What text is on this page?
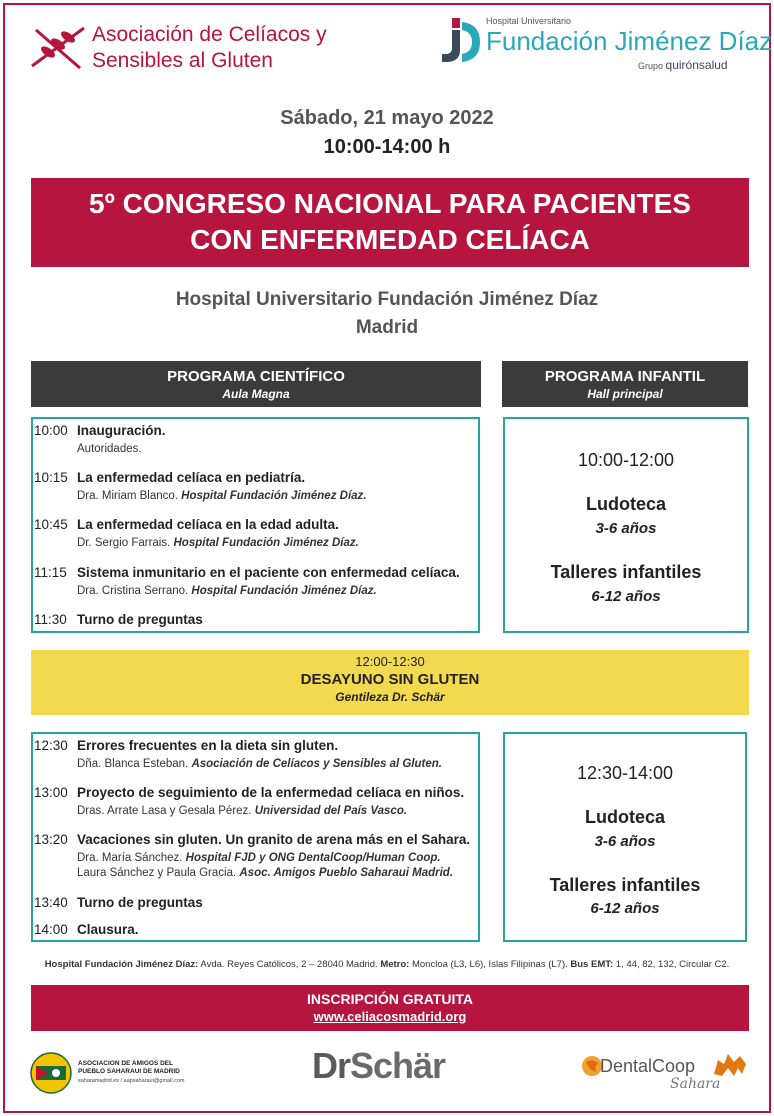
Asociación de Celíacos y
Sensibles al Gluten
Hospital Universitario
Fundación Jiménez Díaz
Grupo quirónsalud
Sábado, 21 mayo 2022
10:00-14:00 h
5º CONGRESO NACIONAL PARA PACIENTES
CON ENFERMEDAD CELÍACA
Hospital Universitario Fundación Jiménez Díaz
Madrid
PROGRAMA CIENTÍFICO
Aula Magna
PROGRAMA INFANTIL
Hall principal
10:00 Inauguración.
Autoridades.
10:15 La enfermedad celíaca en pediatría.
Dra. Miriam Blanco. Hospital Fundación Jiménez Díaz.
10:45 La enfermedad celíaca en la edad adulta.
Dr. Sergio Farrais. Hospital Fundación Jiménez Díaz.
11:15 Sistema inmunitario en el paciente con enfermedad celíaca.
Dra. Cristina Serrano. Hospital Fundación Jiménez Díaz.
11:30 Turno de preguntas
10:00-12:00
Ludoteca
3-6 años
Talleres infantiles
6-12 años
12:00-12:30
DESAYUNO SIN GLUTEN
Gentileza Dr. Schär
12:30 Errores frecuentes en la dieta sin gluten.
Dña. Blanca Esteban. Asociación de Celíacos y Sensibles al Gluten.
13:00 Proyecto de seguimiento de la enfermedad celíaca en niños.
Dras. Arrate Lasa y Gesala Pérez. Universidad del País Vasco.
13:20 Vacaciones sin gluten. Un granito de arena más en el Sahara.
Dra. María Sánchez. Hospital FJD y ONG DentalCoop/Human Coop.
Laura Sánchez y Paula Gracia. Asoc. Amigos Pueblo Saharaui Madrid.
13:40 Turno de preguntas
14:00 Clausura.
12:30-14:00
Ludoteca
3-6 años
Talleres infantiles
6-12 años
Hospital Fundación Jiménez Díaz: Avda. Reyes Católicos, 2 – 28040 Madrid. Metro: Moncloa (L3, L6), Islas Filipinas (L7). Bus EMT: 1, 44, 82, 132, Circular C2.
INSCRIPCIÓN GRATUITA
www.celiacosmadrid.org
ASOCIACION DE AMIGOS DEL
PUEBLO SAHARAUI DE MADRID
saharamadrid.es / aapsaharaui@gmail.com	DrSchär	DentalCoop
Sahara
